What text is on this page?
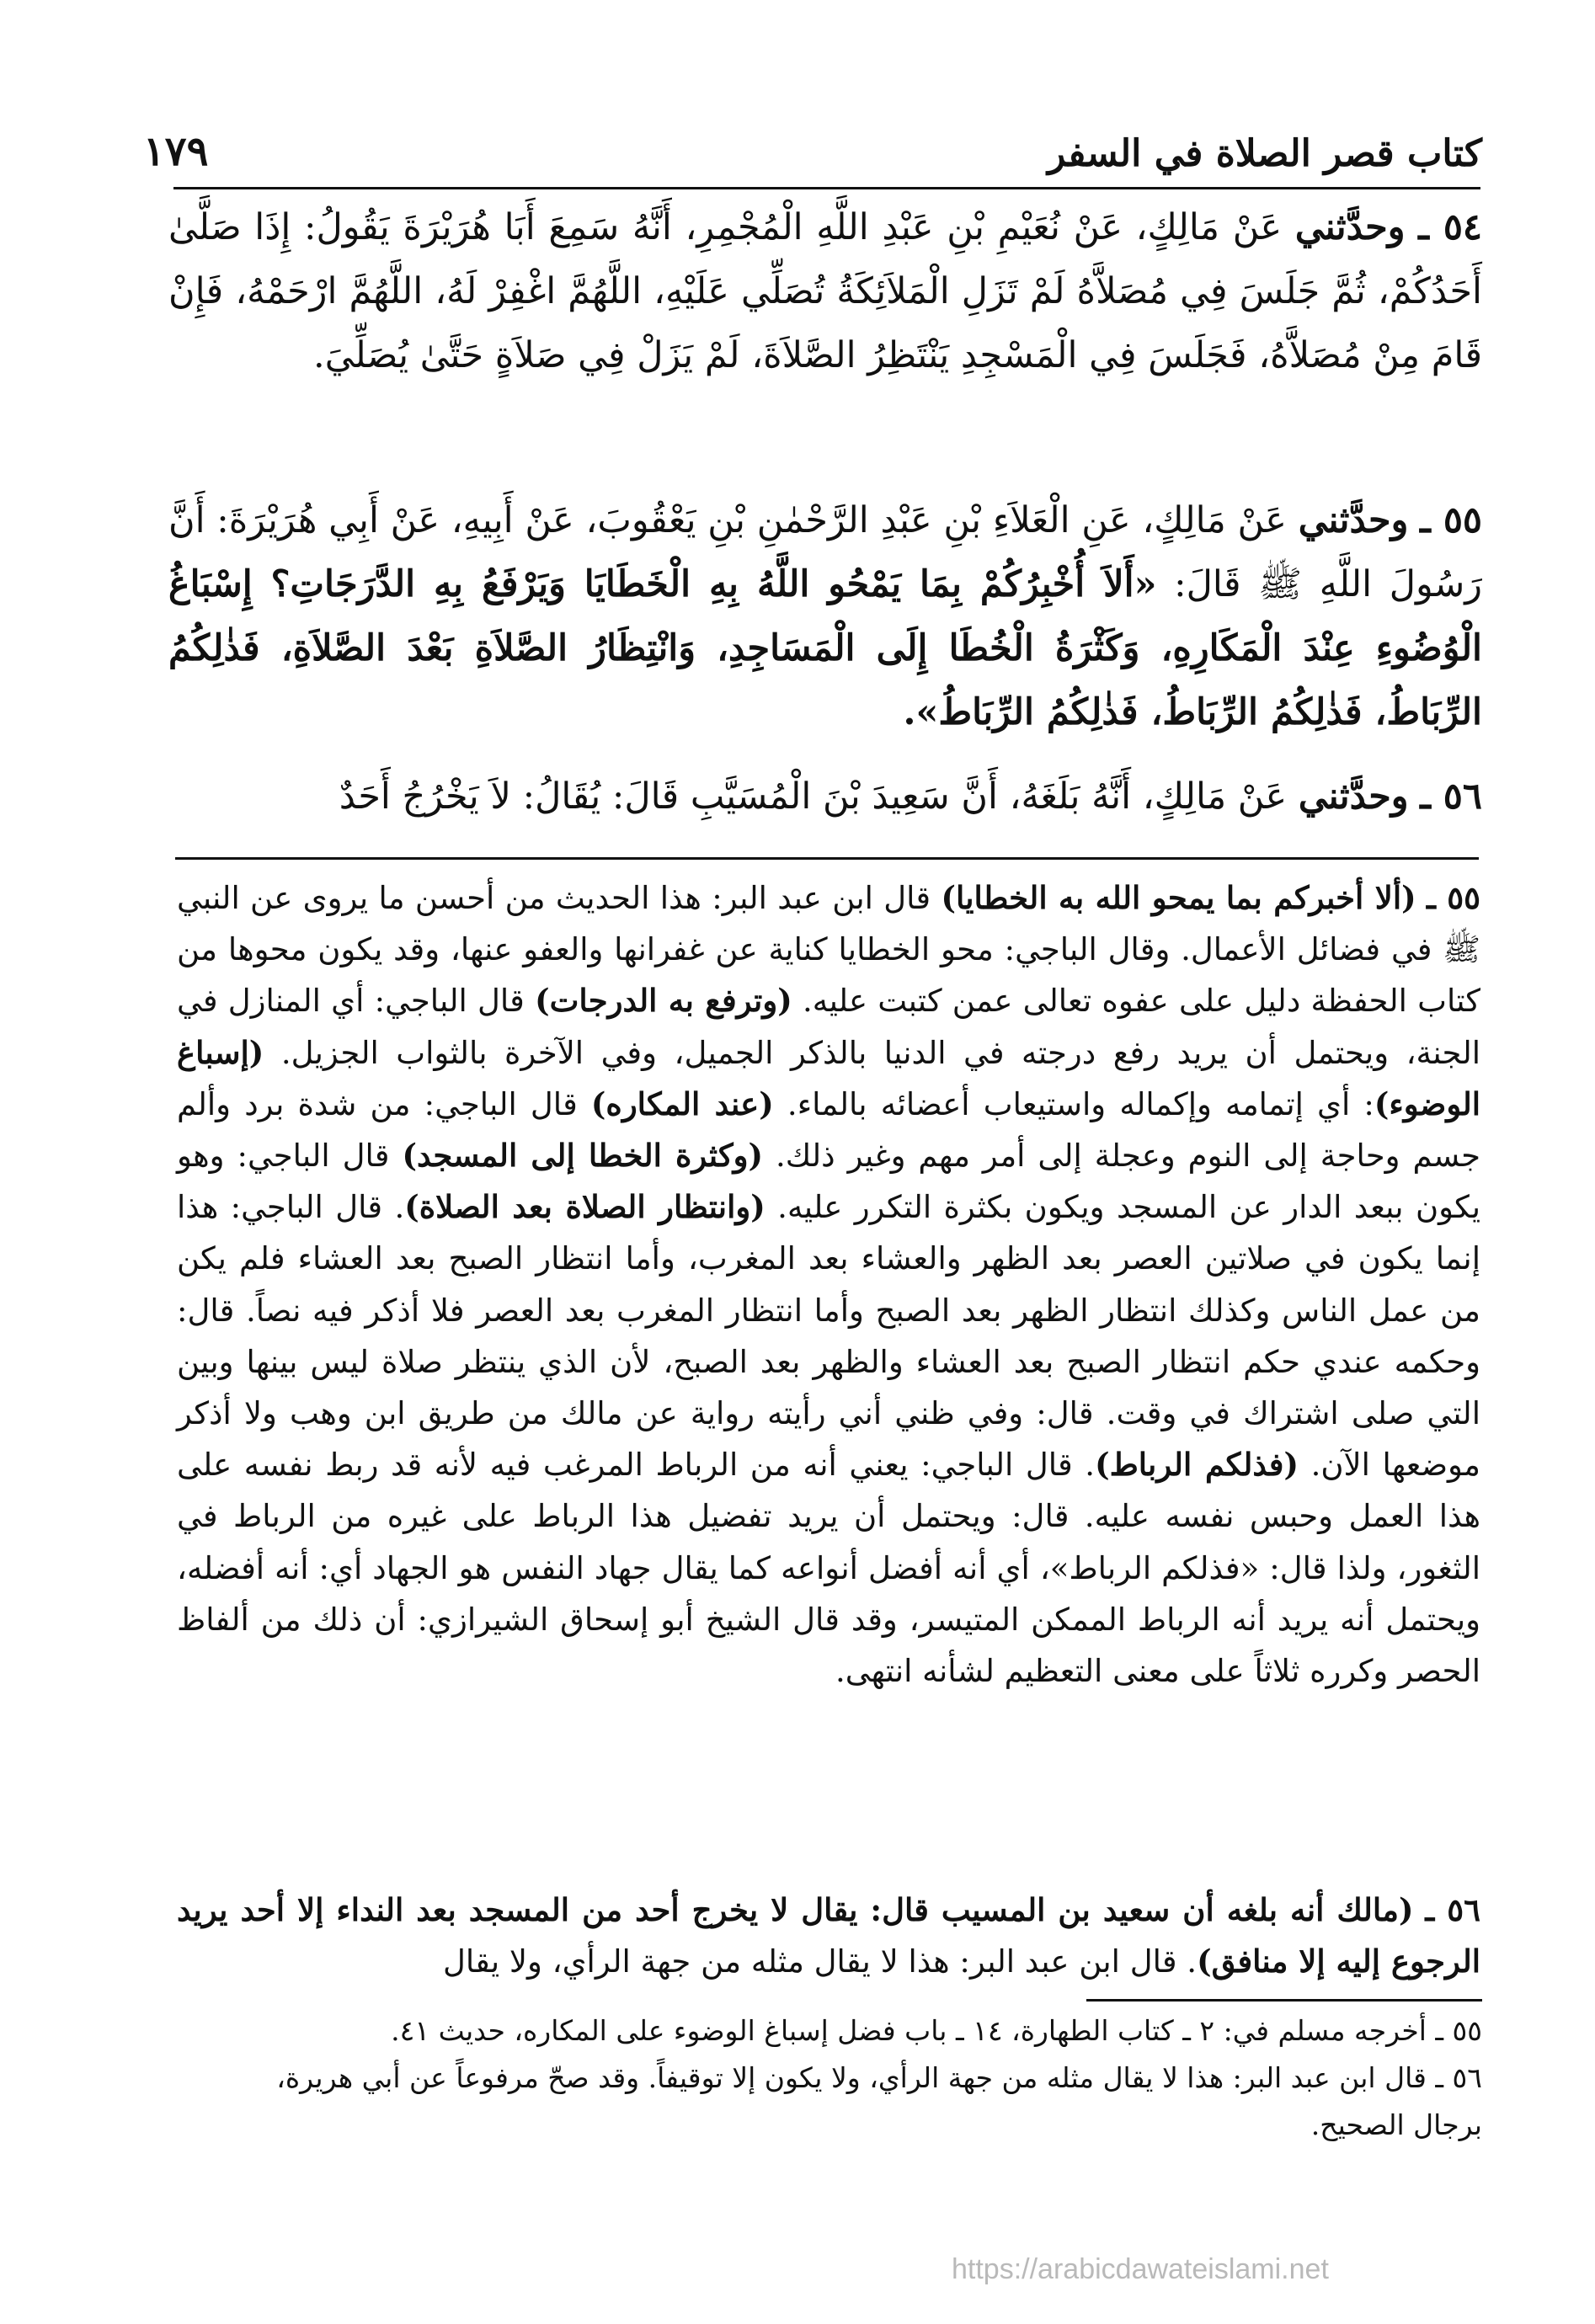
كتاب قصر الصلاة في السفر
١٧٩
٥٤ ـ وحدَّثني عَنْ مَالِكٍ، عَنْ نُعَيْمِ بْنِ عَبْدِ اللَّهِ الْمُجْمِرِ، أَنَّهُ سَمِعَ أَبَا هُرَيْرَةَ يَقُولُ: إِذَا صَلَّىٰ أَحَدُكُمْ، ثُمَّ جَلَسَ فِي مُصَلاَّهُ لَمْ تَزَلِ الْمَلاَئِكَةُ تُصَلِّي عَلَيْهِ، اللَّهُمَّ اغْفِرْ لَهُ، اللَّهُمَّ ارْحَمْهُ، فَإِنْ قَامَ مِنْ مُصَلاَّهُ، فَجَلَسَ فِي الْمَسْجِدِ يَنْتَظِرُ الصَّلاَةَ، لَمْ يَزَلْ فِي صَلاَةٍ حَتَّىٰ يُصَلِّيَ.
٥٥ ـ وحدَّثني عَنْ مَالِكٍ، عَنِ الْعَلاَءِ بْنِ عَبْدِ الرَّحْمٰنِ بْنِ يَعْقُوبَ، عَنْ أَبِيهِ، عَنْ أَبِي هُرَيْرَةَ: أَنَّ رَسُولَ اللَّهِ ﷺ قَالَ: «أَلاَ أُخْبِرُكُمْ بِمَا يَمْحُو اللَّهُ بِهِ الْخَطَايَا وَيَرْفَعُ بِهِ الدَّرَجَاتِ؟ إِسْبَاغُ الْوُضُوءِ عِنْدَ الْمَكَارِهِ، وَكَثْرَةُ الْخُطَا إِلَى الْمَسَاجِدِ، وَانْتِظَارُ الصَّلاَةِ بَعْدَ الصَّلاَةِ، فَذٰلِكُمُ الرِّبَاطُ، فَذٰلِكُمُ الرِّبَاطُ، فَذٰلِكُمُ الرِّبَاطُ».
٥٦ ـ وحدَّثني عَنْ مَالِكٍ، أَنَّهُ بَلَغَهُ، أَنَّ سَعِيدَ بْنَ الْمُسَيَّبِ قَالَ: يُقَالُ: لاَ يَخْرُجُ أَحَدٌ
٥٥ ـ (ألا أخبركم بما يمحو الله به الخطايا) قال ابن عبد البر: هذا الحديث من أحسن ما يروى عن النبي ﷺ في فضائل الأعمال. وقال الباجي: محو الخطايا كناية عن غفرانها والعفو عنها، وقد يكون محوها من كتاب الحفظة دليل على عفوه تعالى عمن كتبت عليه. (وترفع به الدرجات) قال الباجي: أي المنازل في الجنة، ويحتمل أن يريد رفع درجته في الدنيا بالذكر الجميل، وفي الآخرة بالثواب الجزيل. (إسباغ الوضوء): أي إتمامه وإكماله واستيعاب أعضائه بالماء. (عند المكاره) قال الباجي: من شدة برد وألم جسم وحاجة إلى النوم وعجلة إلى أمر مهم وغير ذلك. (وكثرة الخطا إلى المسجد) قال الباجي: وهو يكون ببعد الدار عن المسجد ويكون بكثرة التكرر عليه. (وانتظار الصلاة بعد الصلاة). قال الباجي: هذا إنما يكون في صلاتين العصر بعد الظهر والعشاء بعد المغرب، وأما انتظار الصبح بعد العشاء فلم يكن من عمل الناس وكذلك انتظار الظهر بعد الصبح وأما انتظار المغرب بعد العصر فلا أذكر فيه نصاً. قال: وحكمه عندي حكم انتظار الصبح بعد العشاء والظهر بعد الصبح، لأن الذي ينتظر صلاة ليس بينها وبين التي صلى اشتراك في وقت. قال: وفي ظني أني رأيته رواية عن مالك من طريق ابن وهب ولا أذكر موضعها الآن. (فذلكم الرباط). قال الباجي: يعني أنه من الرباط المرغب فيه لأنه قد ربط نفسه على هذا العمل وحبس نفسه عليه. قال: ويحتمل أن يريد تفضيل هذا الرباط على غيره من الرباط في الثغور، ولذا قال: «فذلكم الرباط»، أي أنه أفضل أنواعه كما يقال جهاد النفس هو الجهاد أي: أنه أفضله، ويحتمل أنه يريد أنه الرباط الممكن المتيسر، وقد قال الشيخ أبو إسحاق الشيرازي: أن ذلك من ألفاظ الحصر وكرره ثلاثاً على معنى التعظيم لشأنه انتهى.
٥٦ ـ (مالك أنه بلغه أن سعيد بن المسيب قال: يقال لا يخرج أحد من المسجد بعد النداء إلا أحد يريد الرجوع إليه إلا منافق). قال ابن عبد البر: هذا لا يقال مثله من جهة الرأي، ولا يقال

٥٥ ـ أخرجه مسلم في: ٢ ـ كتاب الطهارة، ١٤ ـ باب فضل إسباغ الوضوء على المكاره، حديث ٤١.

٥٦ ـ قال ابن عبد البر: هذا لا يقال مثله من جهة الرأي، ولا يكون إلا توقيفاً. وقد صحّ مرفوعاً عن أبي هريرة،

برجال الصحيح.

https://arabicdawateislami.net
